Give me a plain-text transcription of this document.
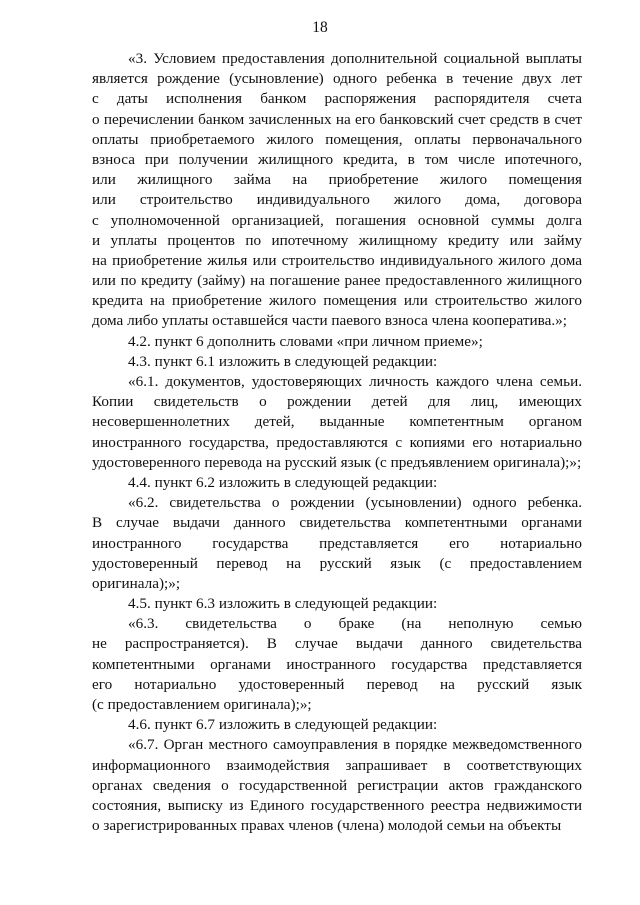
18
«3. Условием предоставления дополнительной социальной выплаты
является рождение (усыновление) одного ребенка в течение двух лет
с даты исполнения банком распоряжения распорядителя счета
о перечислении банком зачисленных на его банковский счет средств в счет
оплаты приобретаемого жилого помещения, оплаты первоначального
взноса при получении жилищного кредита, в том числе ипотечного,
или жилищного займа на приобретение жилого помещения
или строительство индивидуального жилого дома, договора
с уполномоченной организацией, погашения основной суммы долга
и уплаты процентов по ипотечному жилищному кредиту или займу
на приобретение жилья или строительство индивидуального жилого дома
или по кредиту (займу) на погашение ранее предоставленного жилищного
кредита на приобретение жилого помещения или строительство жилого
дома либо уплаты оставшейся части паевого взноса члена кооператива.»;
4.2. пункт 6 дополнить словами «при личном приеме»;
4.3. пункт 6.1 изложить в следующей редакции:
«6.1. документов, удостоверяющих личность каждого члена семьи.
Копии свидетельств о рождении детей для лиц, имеющих
несовершеннолетних детей, выданные компетентным органом
иностранного государства, предоставляются с копиями его нотариально
удостоверенного перевода на русский язык (с предъявлением оригинала);»;
4.4. пункт 6.2 изложить в следующей редакции:
«6.2. свидетельства о рождении (усыновлении) одного ребенка.
В случае выдачи данного свидетельства компетентными органами
иностранного государства представляется его нотариально
удостоверенный перевод на русский язык (с предоставлением
оригинала);»;
4.5. пункт 6.3 изложить в следующей редакции:
«6.3. свидетельства о браке (на неполную семью
не распространяется). В случае выдачи данного свидетельства
компетентными органами иностранного государства представляется
его нотариально удостоверенный перевод на русский язык
(с предоставлением оригинала);»;
4.6. пункт 6.7 изложить в следующей редакции:
«6.7. Орган местного самоуправления в порядке межведомственного
информационного взаимодействия запрашивает в соответствующих
органах сведения о государственной регистрации актов гражданского
состояния, выписку из Единого государственного реестра недвижимости
о зарегистрированных правах членов (члена) молодой семьи на объекты
